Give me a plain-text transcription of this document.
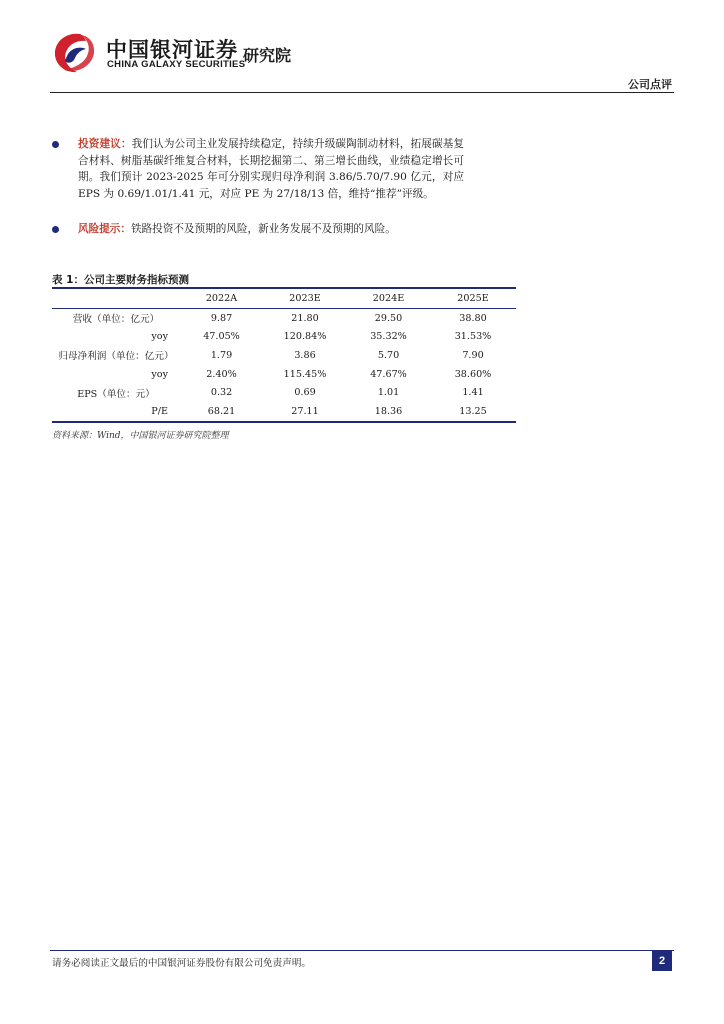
中国银河证券
CHINA GALAXY SECURITIES
研究院
公司点评
投资建议：我们认为公司主业发展持续稳定，持续升级碳陶制动材料，拓展碳基复合材料、树脂基碳纤维复合材料，长期挖掘第二、第三增长曲线，业绩稳定增长可期。我们预计 2023-2025 年可分别实现归母净利润 3.86/5.70/7.90 亿元，对应 EPS 为 0.69/1.01/1.41 元，对应 PE 为 27/18/13 倍，维持“推荐”评级。
风险提示：铁路投资不及预期的风险，新业务发展不及预期的风险。
表 1：公司主要财务指标预测
	2022A	2023E	2024E	2025E
营收（单位：亿元）	9.87	21.80	29.50	38.80
yoy	47.05%	120.84%	35.32%	31.53%
归母净利润（单位：亿元）	1.79	3.86	5.70	7.90
yoy	2.40%	115.45%	47.67%	38.60%
EPS（单位：元）	0.32	0.69	1.01	1.41
P/E	68.21	27.11	18.36	13.25
资料来源：Wind，中国银河证券研究院整理
请务必阅读正文最后的中国银河证券股份有限公司免责声明。	2
